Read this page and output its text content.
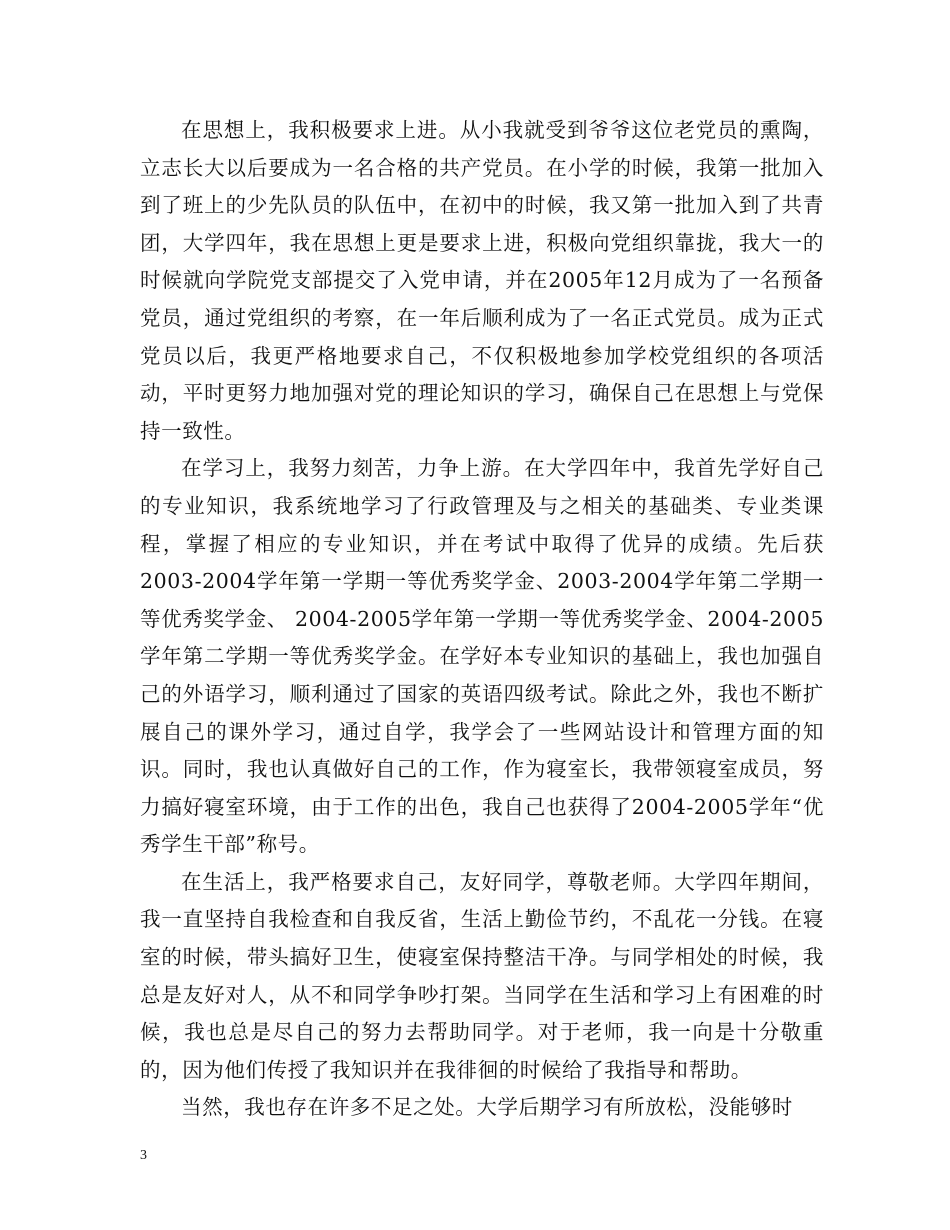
在思想上，我积极要求上进。从小我就受到爷爷这位老党员的熏陶，立志长大以后要成为一名合格的共产党员。在小学的时候，我第一批加入到了班上的少先队员的队伍中，在初中的时候，我又第一批加入到了共青团，大学四年，我在思想上更是要求上进，积极向党组织靠拢，我大一的时候就向学院党支部提交了入党申请，并在2005年12月成为了一名预备党员，通过党组织的考察，在一年后顺利成为了一名正式党员。成为正式党员以后，我更严格地要求自己，不仅积极地参加学校党组织的各项活动，平时更努力地加强对党的理论知识的学习，确保自己在思想上与党保持一致性。

在学习上，我努力刻苦，力争上游。在大学四年中，我首先学好自己的专业知识，我系统地学习了行政管理及与之相关的基础类、专业类课程，掌握了相应的专业知识，并在考试中取得了优异的成绩。先后获2003-2004学年第一学期一等优秀奖学金、2003-2004学年第二学期一等优秀奖学金、 2004-2005学年第一学期一等优秀奖学金、2004-2005学年第二学期一等优秀奖学金。在学好本专业知识的基础上，我也加强自己的外语学习，顺利通过了国家的英语四级考试。除此之外，我也不断扩展自己的课外学习，通过自学，我学会了一些网站设计和管理方面的知识。同时，我也认真做好自己的工作，作为寝室长，我带领寝室成员，努力搞好寝室环境，由于工作的出色，我自己也获得了2004-2005学年“优秀学生干部”称号。

在生活上，我严格要求自己，友好同学，尊敬老师。大学四年期间，我一直坚持自我检查和自我反省，生活上勤俭节约，不乱花一分钱。在寝室的时候，带头搞好卫生，使寝室保持整洁干净。与同学相处的时候，我总是友好对人，从不和同学争吵打架。当同学在生活和学习上有困难的时候，我也总是尽自己的努力去帮助同学。对于老师，我一向是十分敬重的，因为他们传授了我知识并在我徘徊的时候给了我指导和帮助。

当然，我也存在许多不足之处。大学后期学习有所放松，没能够时

3
